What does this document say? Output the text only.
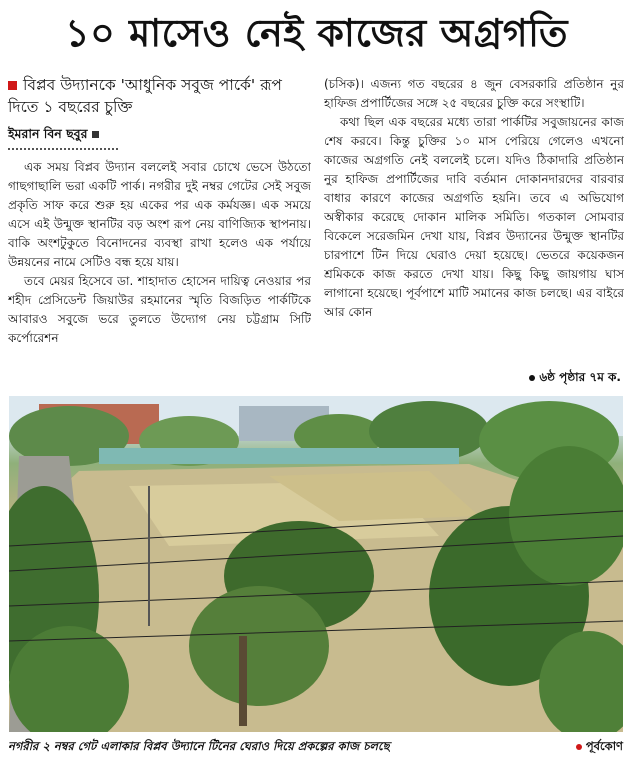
১০ মাসেও নেই কাজের অগ্রগতি
বিপ্লব উদ্যানকে 'আধুনিক সবুজ পার্কে' রূপ দিতে ১ বছরের চুক্তি
ইমরান বিন ছবুর

এক সময় বিপ্লব উদ্যান বললেই সবার চোখে ভেসে উঠতো গাছগাছালি ভরা একটি পার্ক। নগরীর দুই নম্বর গেটের সেই সবুজ প্রকৃতি সাফ করে শুরু হয় একের পর এক কর্মযজ্ঞ। এক সময়ে এসে এই উন্মুক্ত স্থানটির বড় অংশ রূপ নেয় বাণিজ্যিক স্থাপনায়। বাকি অংশটুকুতে বিনোদনের ব্যবস্থা রাখা হলেও এক পর্যায়ে উন্নয়নের নামে সেটিও বন্ধ হয়ে যায়।

তবে মেয়র হিসেবে ডা. শাহাদাত হোসেন দায়িত্ব নেওয়ার পর শহীদ প্রেসিডেন্ট জিয়াউর রহমানের স্মৃতি বিজড়িত পার্কটিকে আবারও সবুজে ভরে তুলতে উদ্যোগ নেয় চট্টগ্রাম সিটি কর্পোরেশন

(চসিক)। এজন্য গত বছরের ৪ জুন বেসরকারি প্রতিষ্ঠান নুর হাফিজ প্রপার্টিজের সঙ্গে ২৫ বছরের চুক্তি করে সংস্থাটি।

কথা ছিল এক বছরের মধ্যে তারা পার্কটির সবুজায়নের কাজ শেষ করবে। কিন্তু চুক্তির ১০ মাস পেরিয়ে গেলেও এখনো কাজের অগ্রগতি নেই বললেই চলে। যদিও ঠিকাদারি প্রতিষ্ঠান নুর হাফিজ প্রপার্টিজের দাবি বর্তমান দোকানদারদের বারবার বাধার কারণে কাজের অগ্রগতি হয়নি। তবে এ অভিযোগ অস্বীকার করেছে দোকান মালিক সমিতি। গতকাল সোমবার বিকেলে সরেজমিন দেখা যায়, বিপ্লব উদ্যানের উন্মুক্ত স্থানটির চারপাশে টিন দিয়ে ঘেরাও দেয়া হয়েছে। ভেতরে কয়েকজন শ্রমিককে কাজ করতে দেখা যায়। কিছু কিছু জায়গায় ঘাস লাগানো হয়েছে। পূর্বপাশে মাটি সমানের কাজ চলছে। এর বাইরে আর কোন

৬ষ্ঠ পৃষ্ঠার ৭ম ক.
নগরীর ২ নম্বর গেট এলাকার বিপ্লব উদ্যানে টিনের ঘেরাও দিয়ে প্রকল্পের কাজ চলছে	পূর্বকোণ
